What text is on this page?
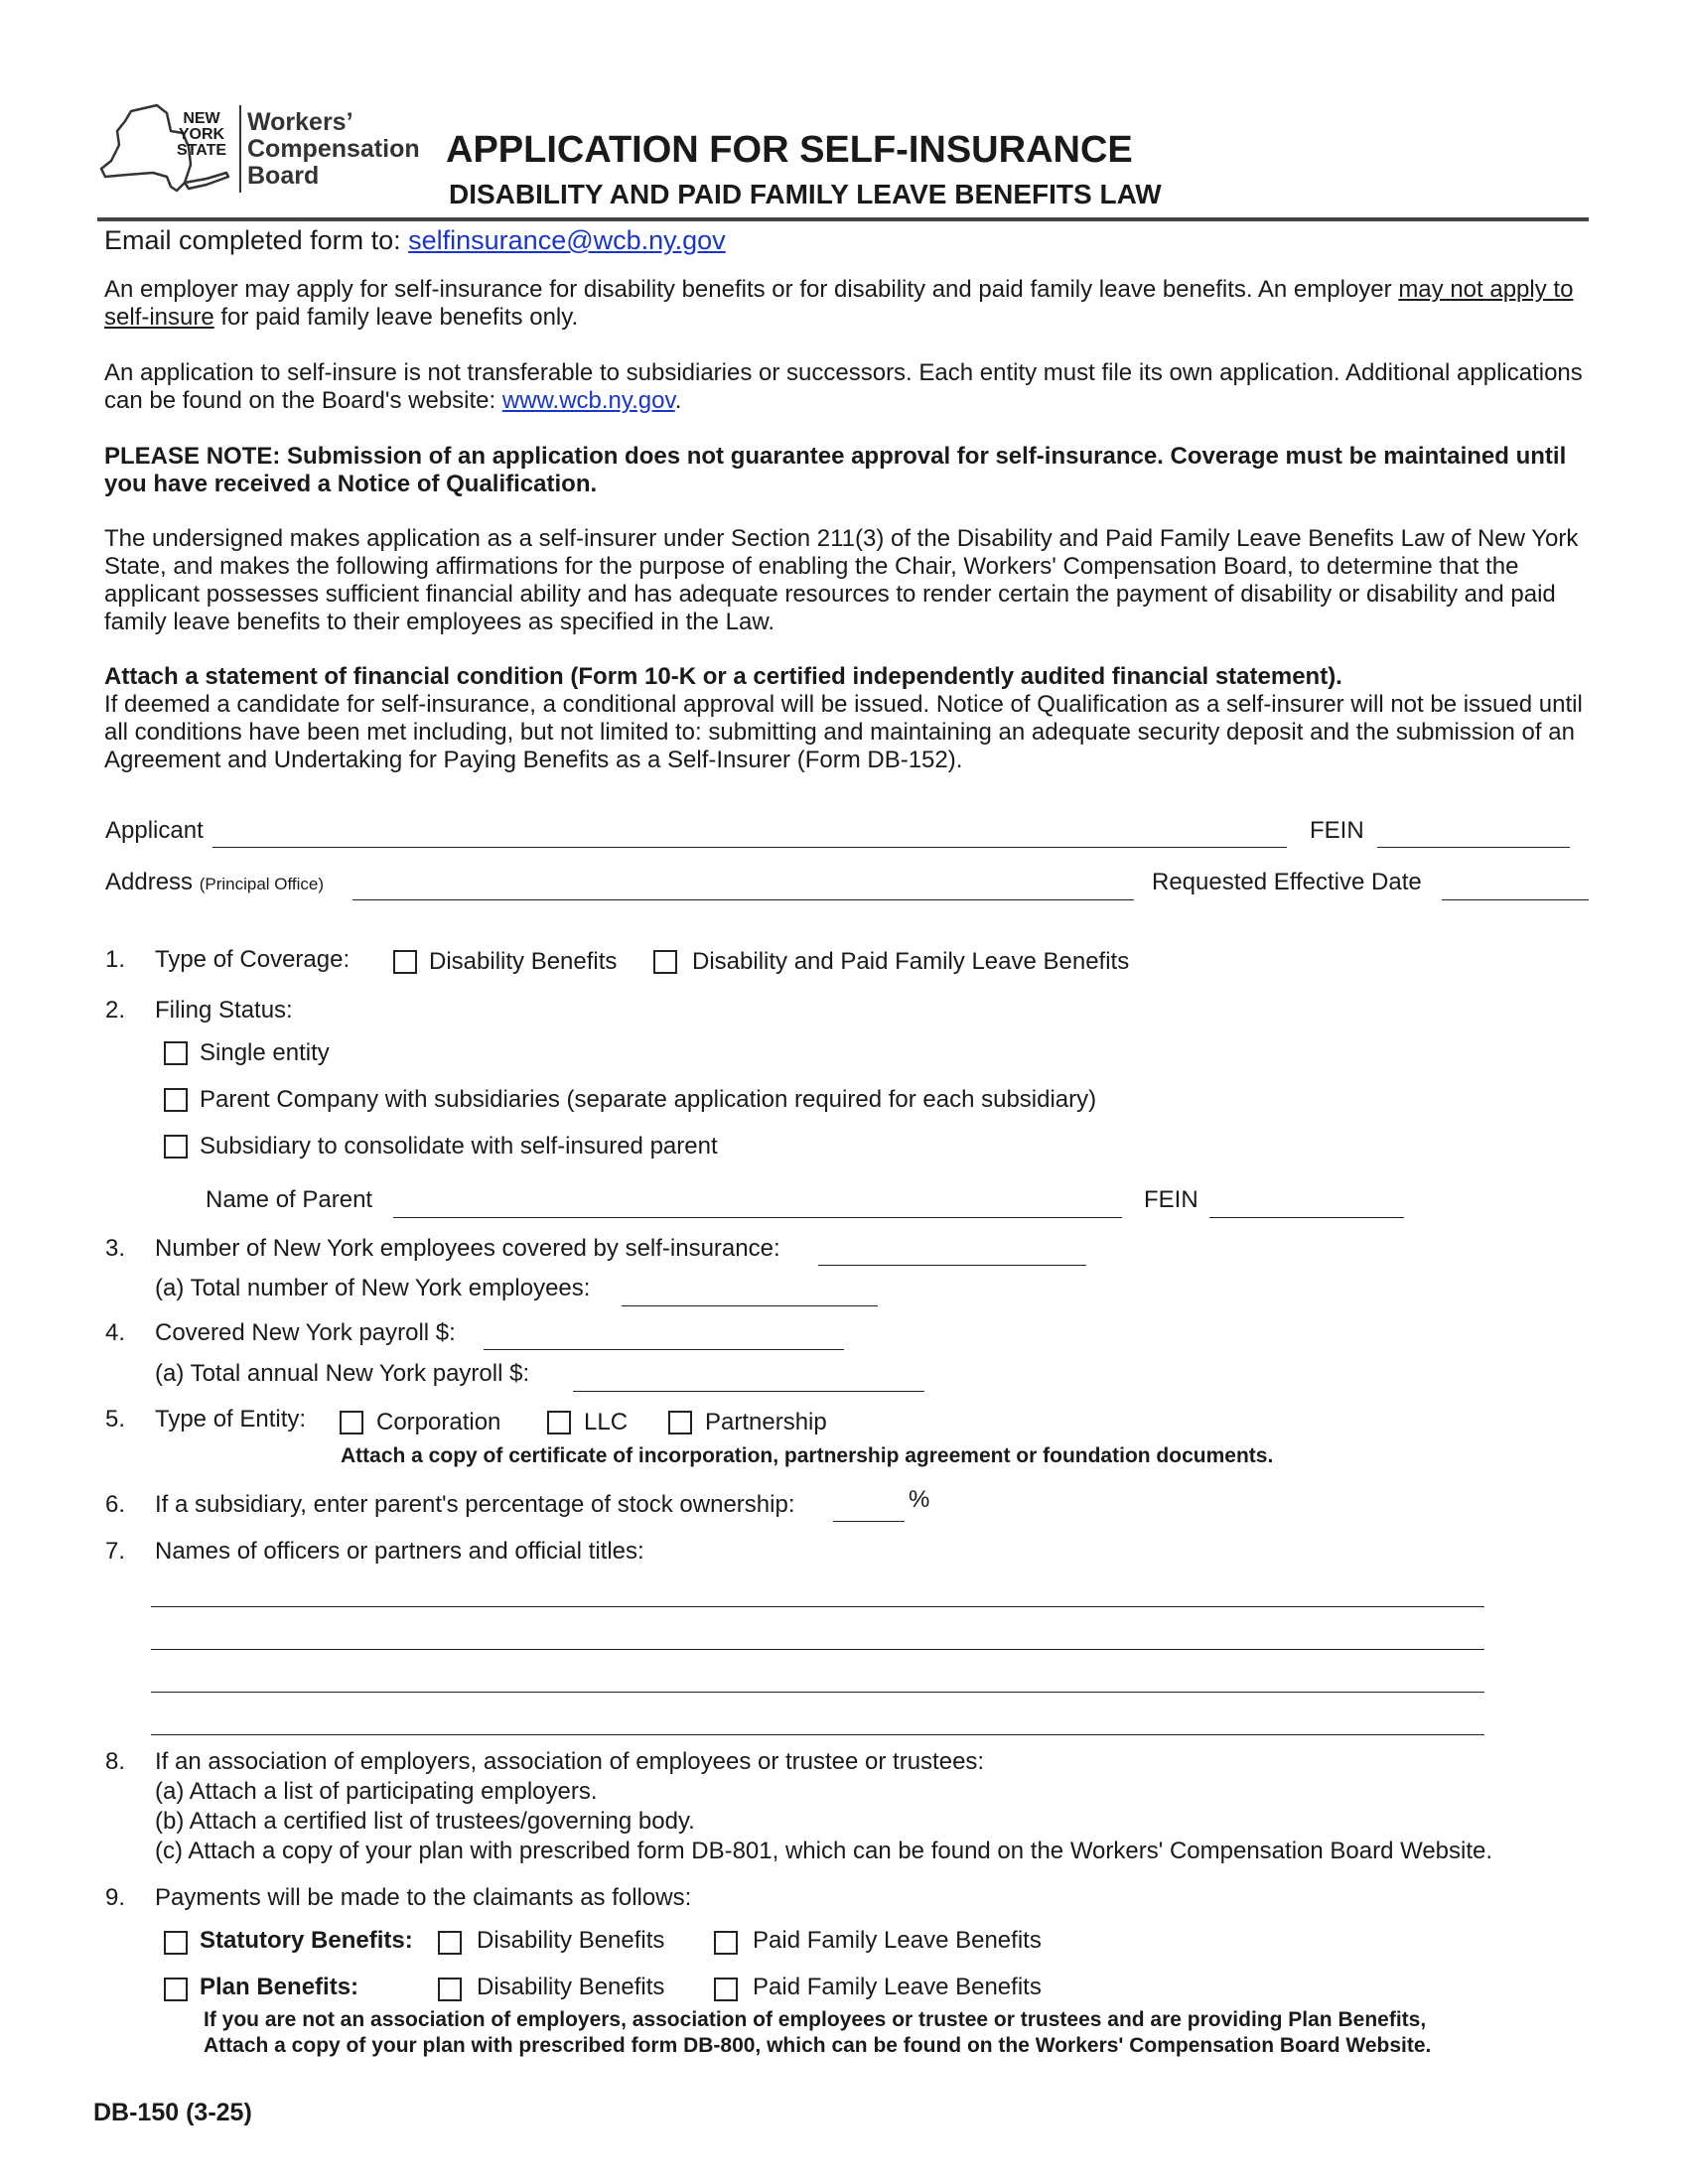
NEW
YORK
STATE
Workers’
Compensation
Board
APPLICATION FOR SELF-INSURANCE
DISABILITY AND PAID FAMILY LEAVE BENEFITS LAW
Email completed form to: selfinsurance@wcb.ny.gov
An employer may apply for self-insurance for disability benefits or for disability and paid family leave benefits. An employer may not apply to self-insure for paid family leave benefits only.
An application to self-insure is not transferable to subsidiaries or successors. Each entity must file its own application. Additional applications can be found on the Board's website: www.wcb.ny.gov.
PLEASE NOTE: Submission of an application does not guarantee approval for self-insurance. Coverage must be maintained until you have received a Notice of Qualification.
The undersigned makes application as a self-insurer under Section 211(3) of the Disability and Paid Family Leave Benefits Law of New York State, and makes the following affirmations for the purpose of enabling the Chair, Workers' Compensation Board, to determine that the applicant possesses sufficient financial ability and has adequate resources to render certain the payment of disability or disability and paid family leave benefits to their employees as specified in the Law.
Attach a statement of financial condition (Form 10-K or a certified independently audited financial statement).
If deemed a candidate for self-insurance, a conditional approval will be issued. Notice of Qualification as a self-insurer will not be issued until all conditions have been met including, but not limited to: submitting and maintaining an adequate security deposit and the submission of an Agreement and Undertaking for Paying Benefits as a Self-Insurer (Form DB-152).
Applicant	FEIN
Address (Principal Office)	Requested Effective Date
1. Type of Coverage:	Disability Benefits	Disability and Paid Family Leave Benefits
2. Filing Status:
Single entity
Parent Company with subsidiaries (separate application required for each subsidiary)
Subsidiary to consolidate with self-insured parent
Name of Parent	FEIN
3. Number of New York employees covered by self-insurance:
(a) Total number of New York employees:
4. Covered New York payroll $:
(a) Total annual New York payroll $:
5. Type of Entity:	Corporation	LLC	Partnership
Attach a copy of certificate of incorporation, partnership agreement or foundation documents.
6. If a subsidiary, enter parent's percentage of stock ownership:	%
7. Names of officers or partners and official titles:
8. If an association of employers, association of employees or trustee or trustees:
(a) Attach a list of participating employers.
(b) Attach a certified list of trustees/governing body.
(c) Attach a copy of your plan with prescribed form DB-801, which can be found on the Workers' Compensation Board Website.
9. Payments will be made to the claimants as follows:
Statutory Benefits:	Disability Benefits	Paid Family Leave Benefits
Plan Benefits:	Disability Benefits	Paid Family Leave Benefits
If you are not an association of employers, association of employees or trustee or trustees and are providing Plan Benefits,
Attach a copy of your plan with prescribed form DB-800, which can be found on the Workers' Compensation Board Website.
DB-150 (3-25)
